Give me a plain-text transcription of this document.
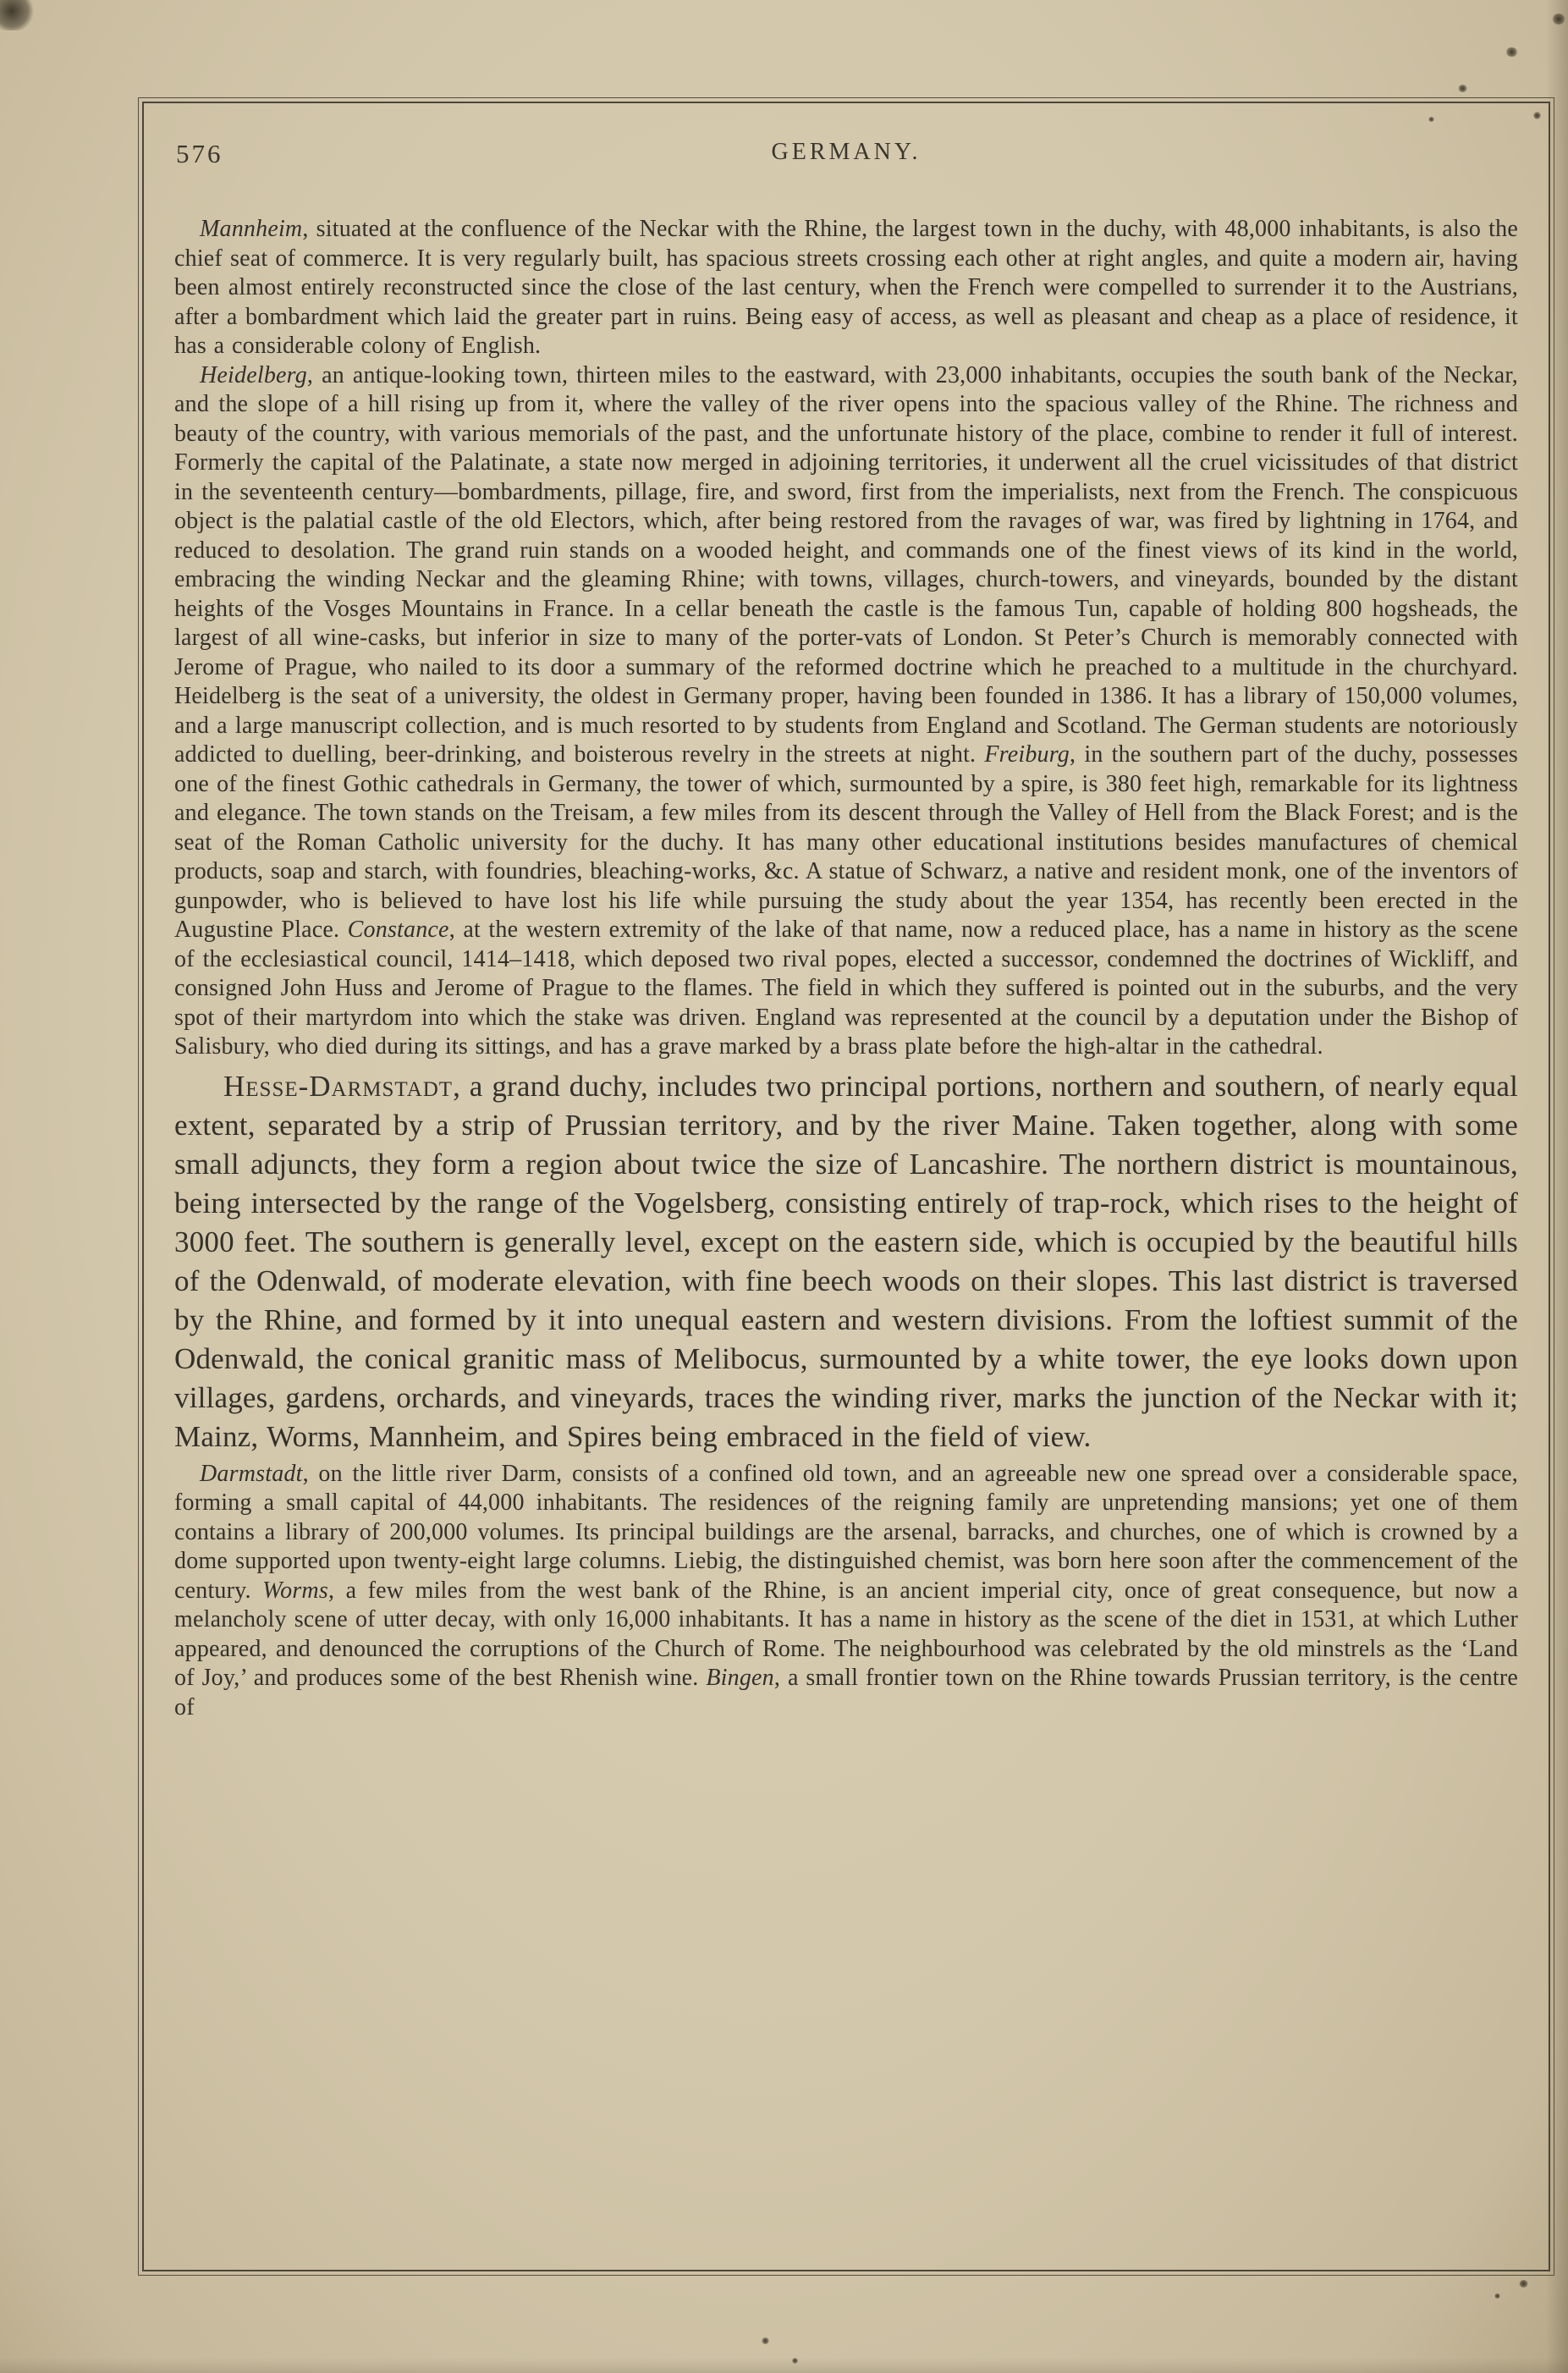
576	GERMANY.

Mannheim, situated at the confluence of the Neckar with the Rhine, the largest town in the duchy, with 48,000 inhabitants, is also the chief seat of commerce. It is very regularly built, has spacious streets crossing each other at right angles, and quite a modern air, having been almost entirely reconstructed since the close of the last century, when the French were compelled to surrender it to the Austrians, after a bombardment which laid the greater part in ruins. Being easy of access, as well as pleasant and cheap as a place of residence, it has a considerable colony of English.

Heidelberg, an antique-looking town, thirteen miles to the eastward, with 23,000 inhabitants, occupies the south bank of the Neckar, and the slope of a hill rising up from it, where the valley of the river opens into the spacious valley of the Rhine. The richness and beauty of the country, with various memorials of the past, and the unfortunate history of the place, combine to render it full of interest. Formerly the capital of the Palatinate, a state now merged in adjoining territories, it underwent all the cruel vicissitudes of that district in the seventeenth century—bombardments, pillage, fire, and sword, first from the imperialists, next from the French. The conspicuous object is the palatial castle of the old Electors, which, after being restored from the ravages of war, was fired by lightning in 1764, and reduced to desolation. The grand ruin stands on a wooded height, and commands one of the finest views of its kind in the world, embracing the winding Neckar and the gleaming Rhine; with towns, villages, church-towers, and vineyards, bounded by the distant heights of the Vosges Mountains in France. In a cellar beneath the castle is the famous Tun, capable of holding 800 hogsheads, the largest of all wine-casks, but inferior in size to many of the porter-vats of London. St Peter’s Church is memorably connected with Jerome of Prague, who nailed to its door a summary of the reformed doctrine which he preached to a multitude in the churchyard. Heidelberg is the seat of a university, the oldest in Germany proper, having been founded in 1386. It has a library of 150,000 volumes, and a large manuscript collection, and is much resorted to by students from England and Scotland. The German students are notoriously addicted to duelling, beer-drinking, and boisterous revelry in the streets at night. Freiburg, in the southern part of the duchy, possesses one of the finest Gothic cathedrals in Germany, the tower of which, surmounted by a spire, is 380 feet high, remarkable for its lightness and elegance. The town stands on the Treisam, a few miles from its descent through the Valley of Hell from the Black Forest; and is the seat of the Roman Catholic university for the duchy. It has many other educational institutions besides manufactures of chemical products, soap and starch, with foundries, bleaching-works, &c. A statue of Schwarz, a native and resident monk, one of the inventors of gunpowder, who is believed to have lost his life while pursuing the study about the year 1354, has recently been erected in the Augustine Place. Constance, at the western extremity of the lake of that name, now a reduced place, has a name in history as the scene of the ecclesiastical council, 1414–1418, which deposed two rival popes, elected a successor, condemned the doctrines of Wickliff, and consigned John Huss and Jerome of Prague to the flames. The field in which they suffered is pointed out in the suburbs, and the very spot of their martyrdom into which the stake was driven. England was represented at the council by a deputation under the Bishop of Salisbury, who died during its sittings, and has a grave marked by a brass plate before the high-altar in the cathedral.

Hesse-Darmstadt, a grand duchy, includes two principal portions, northern and southern, of nearly equal extent, separated by a strip of Prussian territory, and by the river Maine. Taken together, along with some small adjuncts, they form a region about twice the size of Lancashire. The northern district is mountainous, being intersected by the range of the Vogelsberg, consisting entirely of trap-rock, which rises to the height of 3000 feet. The southern is generally level, except on the eastern side, which is occupied by the beautiful hills of the Odenwald, of moderate elevation, with fine beech woods on their slopes. This last district is traversed by the Rhine, and formed by it into unequal eastern and western divisions. From the loftiest summit of the Odenwald, the conical granitic mass of Melibocus, surmounted by a white tower, the eye looks down upon villages, gardens, orchards, and vineyards, traces the winding river, marks the junction of the Neckar with it; Mainz, Worms, Mannheim, and Spires being embraced in the field of view.

Darmstadt, on the little river Darm, consists of a confined old town, and an agreeable new one spread over a considerable space, forming a small capital of 44,000 inhabitants. The residences of the reigning family are unpretending mansions; yet one of them contains a library of 200,000 volumes. Its principal buildings are the arsenal, barracks, and churches, one of which is crowned by a dome supported upon twenty-eight large columns. Liebig, the distinguished chemist, was born here soon after the commencement of the century. Worms, a few miles from the west bank of the Rhine, is an ancient imperial city, once of great consequence, but now a melancholy scene of utter decay, with only 16,000 inhabitants. It has a name in history as the scene of the diet in 1531, at which Luther appeared, and denounced the corruptions of the Church of Rome. The neighbourhood was celebrated by the old minstrels as the ‘Land of Joy,’ and produces some of the best Rhenish wine. Bingen, a small frontier town on the Rhine towards Prussian territory, is the centre of
